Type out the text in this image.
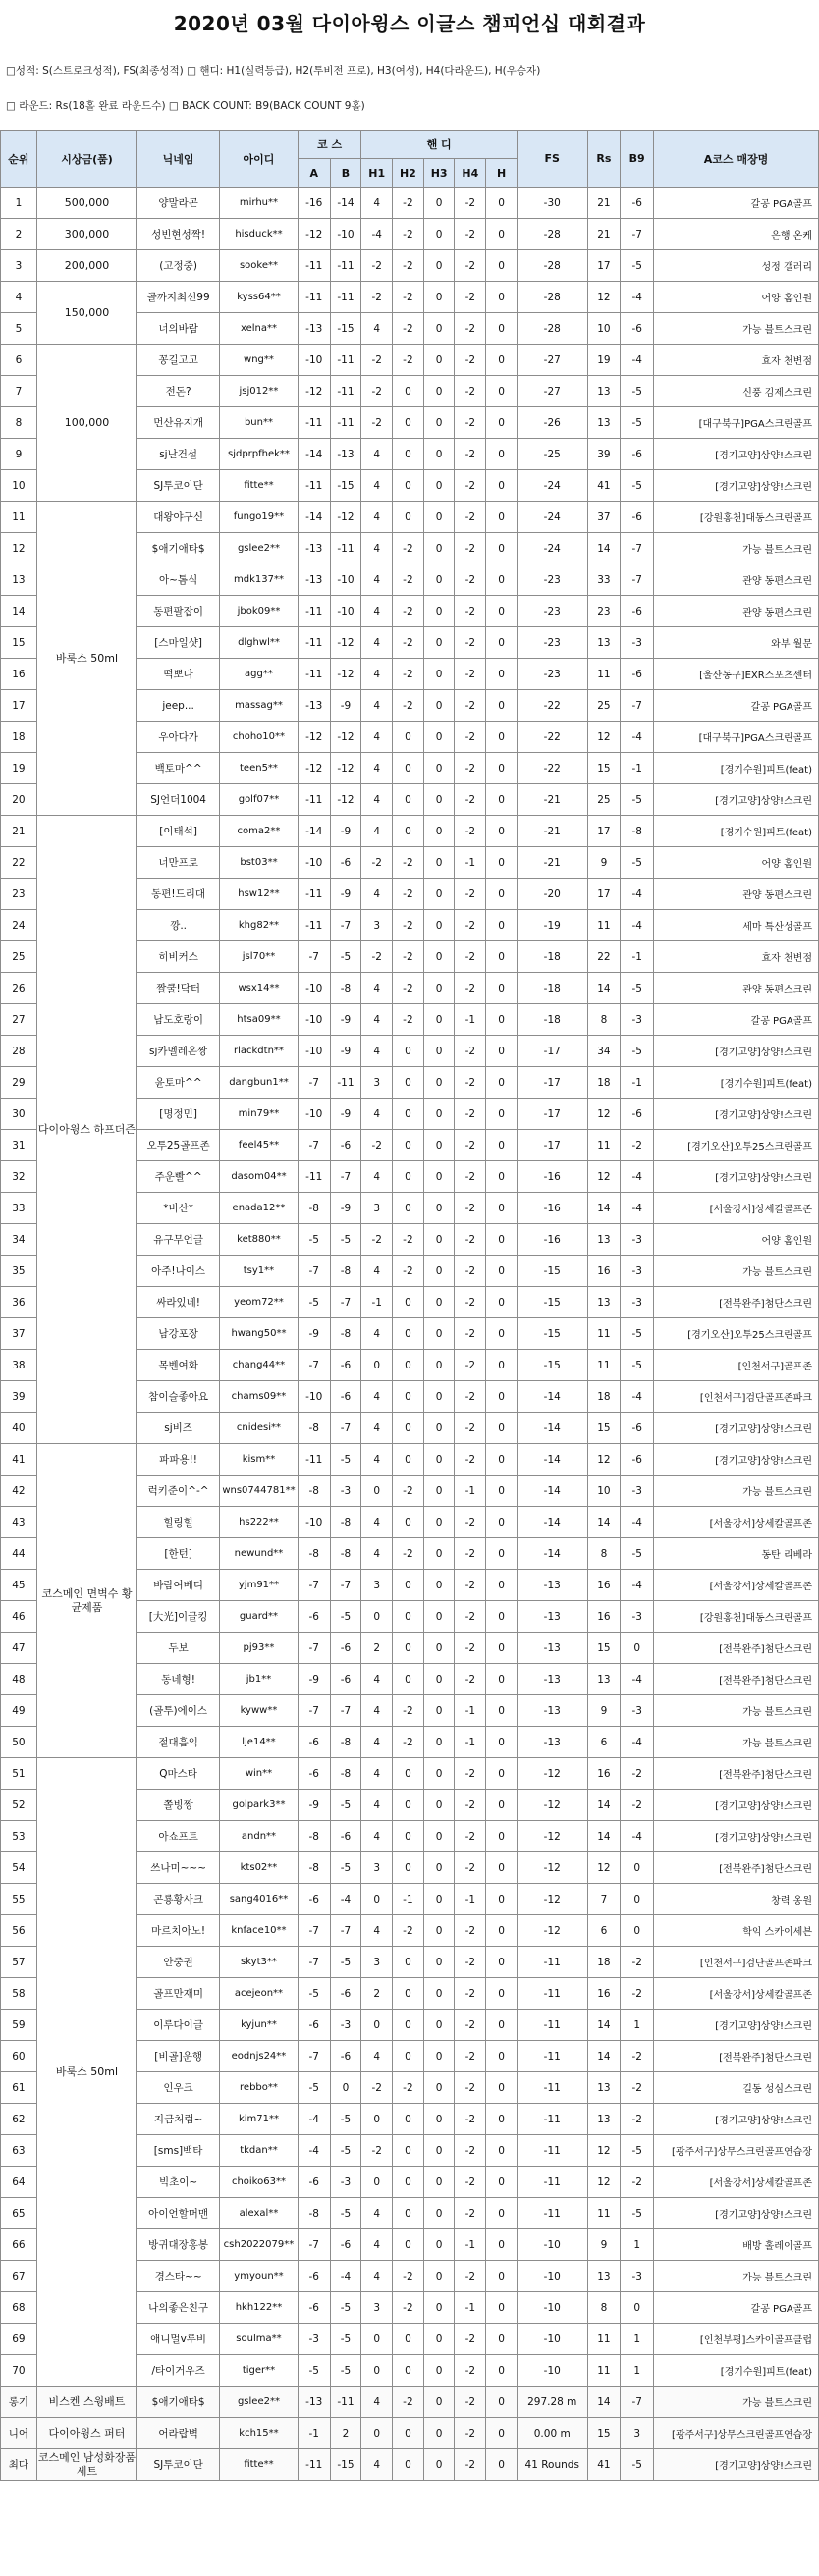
2020년 03월 다이아윙스 이글스 챔피언십 대회결과
□성적: S(스트로크성적), FS(최종성적) □ 핸디: H1(실력등급), H2(투비전 프로), H3(여성), H4(다라운드), H(우승자)
□ 라운드: Rs(18홀 완료 라운드수) □ BACK COUNT: B9(BACK COUNT 9홀)
순위	시상금(품)	닉네임	아이디	코 스		핸 디					FS	Rs	B9	A코스 매장명
				A	B	H1	H2	H3	H4	H				
1	500,000	양말라곤	mirhu**	-16	-14	4	-2	0	-2	0	-30	21	-6	갈공 PGA골프
2	300,000	성빈현성짝!	hisduck**	-12	-10	-4	-2	0	-2	0	-28	21	-7	은행 온케
3	200,000	(고정중)	sooke**	-11	-11	-2	-2	0	-2	0	-28	17	-5	성정 갤러리
4	150,000	골까지최선99	kyss64**	-11	-11	-2	-2	0	-2	0	-28	12	-4	어양 홈인원
5		너의바람	xelna**	-13	-15	4	-2	0	-2	0	-28	10	-6	가능 블트스크린
6	100,000	꽁길고고	wng**	-10	-11	-2	-2	0	-2	0	-27	19	-4	효자 천변점
7		전돈?	jsj012**	-12	-11	-2	0	0	-2	0	-27	13	-5	신풍 김제스크린
8		먼산유지개	bun**	-11	-11	-2	0	0	-2	0	-26	13	-5	[대구북구]PGA스크린골프
9		sj난건설	sjdprpfhek**	-14	-13	4	0	0	-2	0	-25	39	-6	[경기고양]상양!스크린
10		SJ투코이단	fitte**	-11	-15	4	0	0	-2	0	-24	41	-5	[경기고양]상양!스크린
11	바룩스 50ml	대왕야구신	fungo19**	-14	-12	4	0	0	-2	0	-24	37	-6	[강원홍천]대동스크린골프
12		$애기애타$	gslee2**	-13	-11	4	-2	0	-2	0	-24	14	-7	가능 블트스크린
13		아~톰식	mdk137**	-13	-10	4	-2	0	-2	0	-23	33	-7	관양 동편스크린
14		동편팔잡이	jbok09**	-11	-10	4	-2	0	-2	0	-23	23	-6	관양 동편스크린
15		[스마일샷]	dlghwl**	-11	-12	4	-2	0	-2	0	-23	13	-3	와부 월문
16		떡뽀다	agg**	-11	-12	4	-2	0	-2	0	-23	11	-6	[울산동구]EXR스포츠센터
17		jeep...	massag**	-13	-9	4	-2	0	-2	0	-22	25	-7	갈공 PGA골프
18		우아다가	choho10**	-12	-12	4	0	0	-2	0	-22	12	-4	[대구북구]PGA스크린골프
19		백토마^^	teen5**	-12	-12	4	0	0	-2	0	-22	15	-1	[경기수원]피트(feat)
20		SJ언더1004	golf07**	-11	-12	4	0	0	-2	0	-21	25	-5	[경기고양]상양!스크린
21	다이아윙스 하프더즌	[이태석]	coma2**	-14	-9	4	0	0	-2	0	-21	17	-8	[경기수원]피트(feat)
22		너만프로	bst03**	-10	-6	-2	-2	0	-1	0	-21	9	-5	어양 홈인원
23		동편!드리대	hsw12**	-11	-9	4	-2	0	-2	0	-20	17	-4	관양 동편스크린
24		깡..	khg82**	-11	-7	3	-2	0	-2	0	-19	11	-4	세마 특산성골프
25		히비커스	jsl70**	-7	-5	-2	-2	0	-2	0	-18	22	-1	효자 천변점
26		짤쿨!닥터	wsx14**	-10	-8	4	-2	0	-2	0	-18	14	-5	관양 동편스크린
27		남도호랑이	htsa09**	-10	-9	4	-2	0	-1	0	-18	8	-3	갈공 PGA골프
28		sj카멜레온짱	rlackdtn**	-10	-9	4	0	0	-2	0	-17	34	-5	[경기고양]상양!스크린
29		윤토마^^	dangbun1**	-7	-11	3	0	0	-2	0	-17	18	-1	[경기수원]피트(feat)
30		[명정민]	min79**	-10	-9	4	0	0	-2	0	-17	12	-6	[경기고양]상양!스크린
31		오투25골프존	feel45**	-7	-6	-2	0	0	-2	0	-17	11	-2	[경기오산]오투25스크린골프
32		주운빨^^	dasom04**	-11	-7	4	0	0	-2	0	-16	12	-4	[경기고양]상양!스크린
33		*비산*	enada12**	-8	-9	3	0	0	-2	0	-16	14	-4	[서울강서]상세칼골프존
34		유구무언글	ket880**	-5	-5	-2	-2	0	-2	0	-16	13	-3	어양 홈인원
35		아주!나이스	tsy1**	-7	-8	4	-2	0	-2	0	-15	16	-3	가능 블트스크린
36		싸라있네!	yeom72**	-5	-7	-1	0	0	-2	0	-15	13	-3	[전북완주]첨단스크린
37		남강포장	hwang50**	-9	-8	4	0	0	-2	0	-15	11	-5	[경기오산]오투25스크린골프
38		목벤여화	chang44**	-7	-6	0	0	0	-2	0	-15	11	-5	[인천서구]골프존
39		참이슬좋아요	chams09**	-10	-6	4	0	0	-2	0	-14	18	-4	[인천서구]검단골프존파크
40		sj비즈	cnidesi**	-8	-7	4	0	0	-2	0	-14	15	-6	[경기고양]상양!스크린
41	코스메인 면벽수 황균제품	파파용!!	kism**	-11	-5	4	0	0	-2	0	-14	12	-6	[경기고양]상양!스크린
42		럭키준이^-^	wns0744781**	-8	-3	0	-2	0	-1	0	-14	10	-3	가능 블트스크린
43		힐링힐	hs222**	-10	-8	4	0	0	-2	0	-14	14	-4	[서울강서]상세칼골프존
44		[한턴]	newund**	-8	-8	4	-2	0	-2	0	-14	8	-5	동탄 리베라
45		바람여베디	yjm91**	-7	-7	3	0	0	-2	0	-13	16	-4	[서울강서]상세칼골프존
46		[大光]이글킹	guard**	-6	-5	0	0	0	-2	0	-13	16	-3	[강원홍천]대동스크린골프
47		두보	pj93**	-7	-6	2	0	0	-2	0	-13	15	0	[전북완주]첨단스크린
48		동네형!	jb1**	-9	-6	4	0	0	-2	0	-13	13	-4	[전북완주]첨단스크린
49		(골투)에이스	kyww**	-7	-7	4	-2	0	-1	0	-13	9	-3	가능 블트스크린
50		절대흡익	lje14**	-6	-8	4	-2	0	-1	0	-13	6	-4	가능 블트스크린
51	바룩스 50ml	Q마스타	win**	-6	-8	4	0	0	-2	0	-12	16	-2	[전북완주]첨단스크린
52		쫄빙짱	golpark3**	-9	-5	4	0	0	-2	0	-12	14	-2	[경기고양]상양!스크린
53		아쇼프트	andn**	-8	-6	4	0	0	-2	0	-12	14	-4	[경기고양]상양!스크린
54		쓰나미~~~	kts02**	-8	-5	3	0	0	-2	0	-12	12	0	[전북완주]첨단스크린
55		곤룡황사크	sang4016**	-6	-4	0	-1	0	-1	0	-12	7	0	창력 옹원
56		마르치아노!	knface10**	-7	-7	4	-2	0	-2	0	-12	6	0	학익 스카이세븐
57		안중권	skyt3**	-7	-5	3	0	0	-2	0	-11	18	-2	[인천서구]검단골프존파크
58		골프만재미	acejeon**	-5	-6	2	0	0	-2	0	-11	16	-2	[서울강서]상세칼골프존
59		이루다이글	kyjun**	-6	-3	0	0	0	-2	0	-11	14	1	[경기고양]상양!스크린
60		[비골]운행	eodnjs24**	-7	-6	4	0	0	-2	0	-11	14	-2	[전북완주]첨단스크린
61		인우크	rebbo**	-5	0	-2	-2	0	-2	0	-11	13	-2	길동 성심스크린
62		지금처럼~	kim71**	-4	-5	0	0	0	-2	0	-11	13	-2	[경기고양]상양!스크린
63		[sms]백타	tkdan**	-4	-5	-2	0	0	-2	0	-11	12	-5	[광주서구]상무스크린골프연습장
64		빅초이~	choiko63**	-6	-3	0	0	0	-2	0	-11	12	-2	[서울강서]상세칼골프존
65		아이언할머맨	alexal**	-8	-5	4	0	0	-2	0	-11	11	-5	[경기고양]상양!스크린
66		방귀대장홍봉	csh2022079**	-7	-6	4	0	0	-1	0	-10	9	1	배방 홀레이골프
67		경스타~~	ymyoun**	-6	-4	4	-2	0	-2	0	-10	13	-3	가능 블트스크린
68		나의좋은친구	hkh122**	-6	-5	3	-2	0	-1	0	-10	8	0	갈공 PGA골프
69		애니멀v루비	soulma**	-3	-5	0	0	0	-2	0	-10	11	1	[인천부평]스카이골프클럽
70		/타이거우즈	tiger**	-5	-5	0	0	0	-2	0	-10	11	1	[경기수원]피트(feat)
롱기	비스켄 스윙배트	$애기애타$	gslee2**	-13	-11	4	-2	0	-2	0	297.28 m	14	-7	가능 블트스크린
니어	다이아윙스 퍼터	어라랍벽	kch15**	-1	2	0	0	0	-2	0	0.00 m	15	3	[광주서구]상무스크린골프연습장
최다	코스메인 남성화장품세트	SJ투코이단	fitte**	-11	-15	4	0	0	-2	0	41 Rounds	41	-5	[경기고양]상양!스크린
